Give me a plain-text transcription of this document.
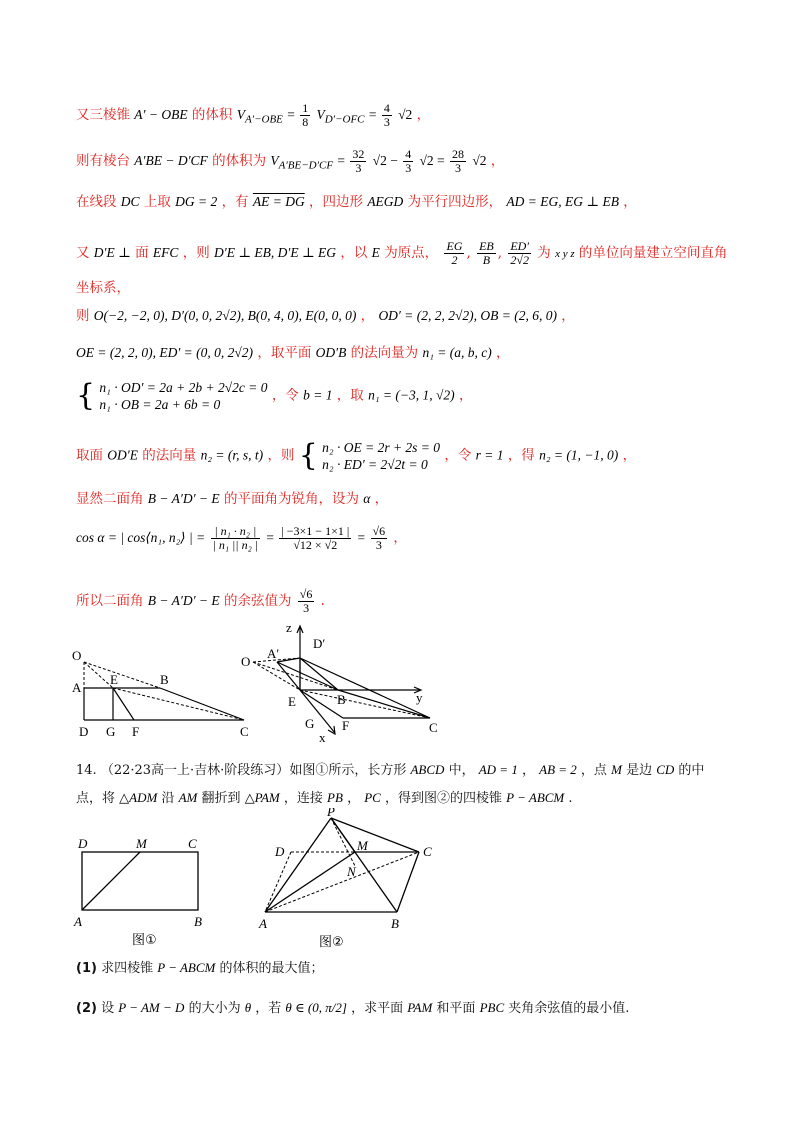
又三棱锥 A′ − OBE 的体积 $V_{A'-OBE} = \frac{1}{8} V_{D'-OFC} = \frac{4}{3} √2$ ，
则有棱台 A′BE − D′CF 的体积为 $V_{A'BE-D'CF} = \frac{32}{3} √2 - \frac{4}{3} √2 = \frac{28}{3} √2$ ，
在线段 DC 上取 DG = 2 ，有 AE = DG ，四边形 AEGD 为平行四边形， AD = EG, EG ⊥ EB ，
又 D′E ⊥ 面 EFC ，则 D′E ⊥ EB, D′E ⊥ EG ，以 E 为原点， $\frac{EG}{2}$ , $\frac{EB}{B}$ , $\frac{ED'}{2√2}$ 为 x y z 的单位向量建立空间直角
坐标系，
则 O(−2, −2, 0), D′(0, 0, 2√2), B(0, 4, 0), E(0, 0, 0) ， OD′ = (2, 2, 2√2), OB = (2, 6, 0) ，
OE = (2, 2, 0), ED′ = (0, 0, 2√2) ，取平面 OD′B 的法向量为 n₁ = (a, b, c) ，
{ n₁ · OD′ = 2a + 2b + 2√2c = 0
n₁ · OB = 2a + 6b = 0
，令 b = 1 ，取 n₁ = (−3, 1, √2) ，
取面 OD′E 的法向量 n₂ = (r, s, t) ，则 { n₂ · OE = 2r + 2s = 0
n₂ · ED′ = 2√2t = 0
，令 r = 1 ，得 n₂ = (1, −1, 0) ，
显然二面角 B − A′D′ − E 的平面角为锐角，设为 α ，
cos α = | cos⟨n₁, n₂⟩ | = $\frac{\text{| n₁ · n₂ |}}{\text{| n₁ || n₂ |}} = \frac{| -3\times 1 - 1\times 1 |}{√12 \times √2} = \frac{√6}{3}$ ，
所以二面角 B − A′D′ − E 的余弦值为 $\frac{√6}{3}$ .
O
A
E	B
D G F	C
z
D′
O
A′
E	B	y
G F	C
x
14. （22·23高一上·吉林·阶段练习）如图①所示，长方形 ABCD 中， AD = 1 ， AB = 2 ，点 M 是边 CD 的中
点，将 △ADM 沿 AM 翻折到 △PAM ，连接 PB ， PC ，得到图②的四棱锥 P − ABCM .
D	M	C
A	B
图①
P
D	M	C
N
A	B
图②
(1) 求四棱锥 P − ABCM 的体积的最大值；
(2) 设 P − AM − D 的大小为 θ ，若 θ ∈ (0, π/2] ，求平面 PAM 和平面 PBC 夹角余弦值的最小值.
